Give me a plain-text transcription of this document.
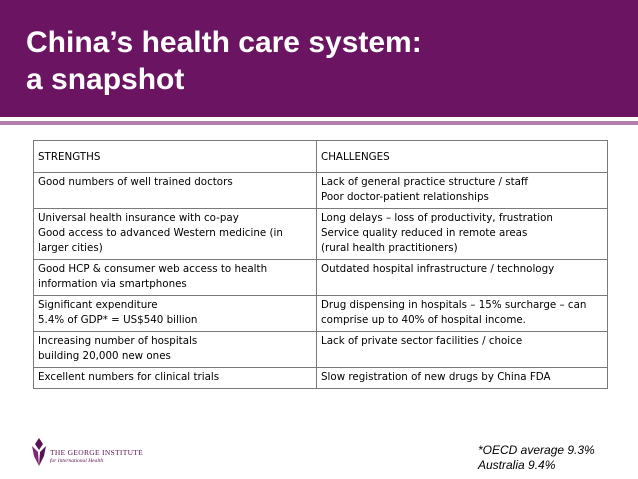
China’s health care system:
a snapshot
STRENGTHS	CHALLENGES

Good numbers of well trained doctors	Lack of general practice structure / staff
Poor doctor-patient relationships

Universal health insurance with co-pay
Good access to advanced Western medicine (in larger cities)	Long delays – loss of productivity, frustration
Service quality reduced in remote areas
(rural health practitioners)

Good HCP & consumer web access to health information via smartphones	Outdated hospital infrastructure / technology

Significant expenditure
5.4% of GDP* = US$540 billion	Drug dispensing in hospitals – 15% surcharge – can comprise up to 40% of hospital income.

Increasing number of hospitals
building 20,000 new ones	Lack of private sector facilities / choice

Excellent numbers for clinical trials	Slow registration of new drugs by China FDA
THE GEORGE INSTITUTE
for International Health
*OECD average 9.3%
Australia 9.4%
